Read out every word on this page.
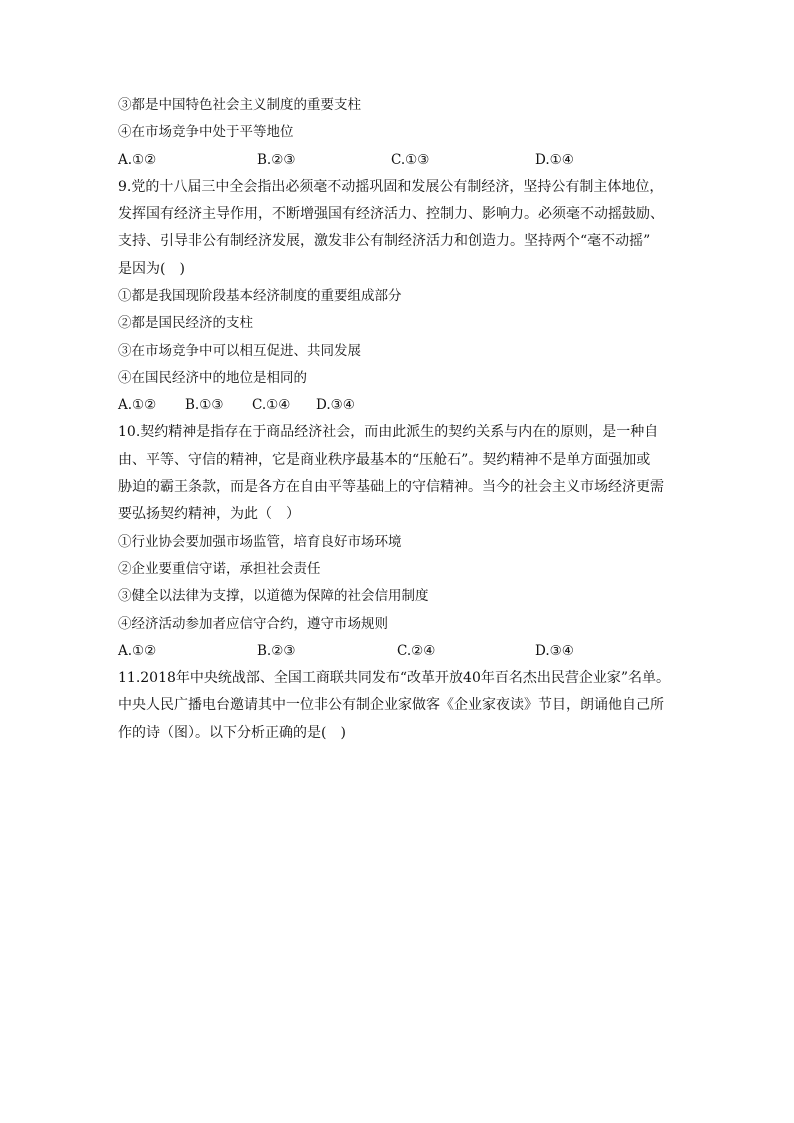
③都是中国特色社会主义制度的重要支柱
④在市场竞争中处于平等地位
A.①②	B.②③	C.①③	D.①④
9.党的十八届三中全会指出必须毫不动摇巩固和发展公有制经济，坚持公有制主体地位，
发挥国有经济主导作用，不断增强国有经济活力、控制力、影响力。必须毫不动摇鼓励、
支持、引导非公有制经济发展，激发非公有制经济活力和创造力。坚持两个“毫不动摇”
是因为(　)
①都是我国现阶段基本经济制度的重要组成部分
②都是国民经济的支柱
③在市场竞争中可以相互促进、共同发展
④在国民经济中的地位是相同的
A.①② B.①③ C.①④ D.③④
10.契约精神是指存在于商品经济社会，而由此派生的契约关系与内在的原则，是一种自
由、平等、守信的精神，它是商业秩序最基本的“压舱石”。契约精神不是单方面强加或
胁迫的霸王条款，而是各方在自由平等基础上的守信精神。当今的社会主义市场经济更需
要弘扬契约精神，为此（　）
①行业协会要加强市场监管，培育良好市场环境
②企业要重信守诺，承担社会责任
③健全以法律为支撑，以道德为保障的社会信用制度
④经济活动参加者应信守合约，遵守市场规则
A.①②	B.②③	C.②④	D.③④
11.2018年中央统战部、全国工商联共同发布“改革开放40年百名杰出民营企业家”名单。
中央人民广播电台邀请其中一位非公有制企业家做客《企业家夜读》节目，朗诵他自己所
作的诗（图）。以下分析正确的是(　)
